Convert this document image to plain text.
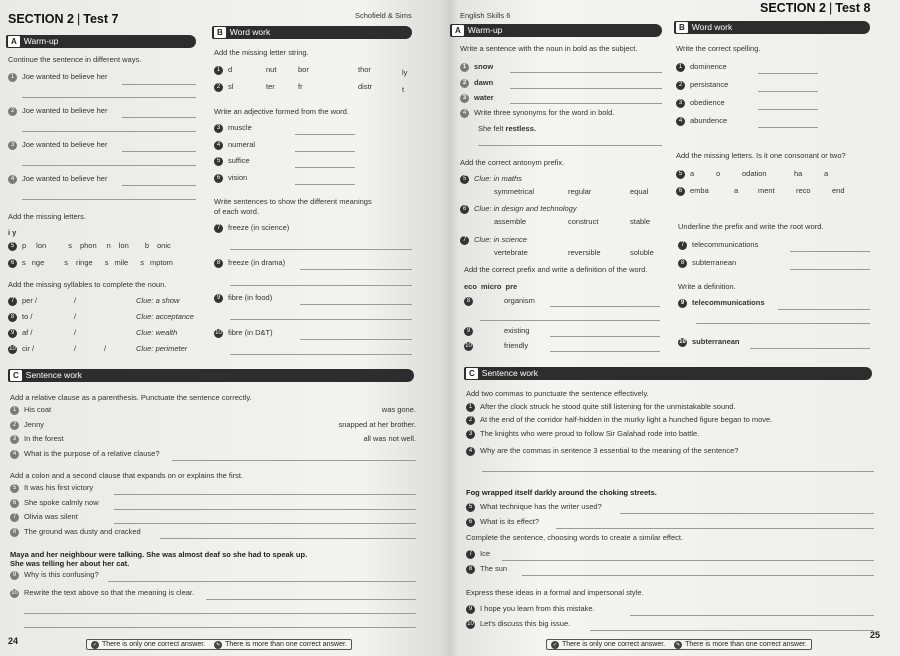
SECTION 2 | Test 7	Schofield & Sims
A Warm-up
Continue the sentence in different ways.
1 Joe wanted to believe her
2 Joe wanted to believe her
3 Joe wanted to believe her
4 Joe wanted to believe her
Add the missing letters.
i y
5 p lon	s phon n lon b onic
6 s nge	s ringe s mile s mptom
Add the missing syllables to complete the noun.
7 per /	/	Clue: a show
8 to /	/	Clue: acceptance
9 af /	/	Clue: wealth
10 cir /	/	/	Clue: perimeter
B Word work
Add the missing letter string.
1 d	nut	bor	thor	ly
2 sl	ter	fr	distr	t
Write an adjective formed from the word.
3 muscle
4 numeral
5 suffice
6 vision
Write sentences to show the different meanings
of each word.
7 freeze (in science)
8 freeze (in drama)
9 fibre (in food)
10 fibre (in D&T)
C Sentence work
Add a relative clause as a parenthesis. Punctuate the sentence correctly.
1 His coat	was gone.
2 Jenny	snapped at her brother.
3 In the forest	all was not well.
4 What is the purpose of a relative clause?
Add a colon and a second clause that expands on or explains the first.
5 It was his first victory
6 She spoke calmly now
7 Olivia was silent
8 The ground was dusty and cracked
Maya and her neighbour were talking. She was almost deaf so she had to speak up.
She was telling her about her cat.
9 Why is this confusing?
10 Rewrite the text above so that the meaning is clear.
24	✓ There is only one correct answer.	✎ There is more than one correct answer.
English Skills 6
SECTION 2 | Test 8
A Warm-up
Write a sentence with the noun in bold as the subject.
1 snow
2 dawn
3 water
4 Write three synonyms for the word in bold.
She felt restless.
Add the correct antonym prefix.
5 Clue: in maths
symmetrical	regular	equal
6 Clue: in design and technology
assemble	construct	stable
7 Clue: in science
vertebrate	reversible	soluble
Add the correct prefix and write a definition of the word.
eco micro pre
8	organism
9	existing
10	friendly
B Word work
Write the correct spelling.
1 dominence
2 persistance
3 obedience
4 abundence
Add the missing letters. Is it one consonant or two?
5 a	o	odation	ha	a
6 emba	a	ment	reco	end
Underline the prefix and write the root word.
7 telecommunications
8 subterranean
Write a definition.
9 telecommunications
10 subterranean
C Sentence work
Add two commas to punctuate the sentence effectively.
1 After the clock struck he stood quite still listening for the unmistakable sound.
2 At the end of the corridor half-hidden in the murky light a hunched figure began to move.
3 The knights who were proud to follow Sir Galahad rode into battle.
4 Why are the commas in sentence 3 essential to the meaning of the sentence?
Fog wrapped itself darkly around the choking streets.
5 What technique has the writer used?
6 What is its effect?
Complete the sentence, choosing words to create a similar effect.
7 Ice
8 The sun
Express these ideas in a formal and impersonal style.
9 I hope you learn from this mistake.
10 Let's discuss this big issue.
✓ There is only one correct answer.	✎ There is more than one correct answer.
25
